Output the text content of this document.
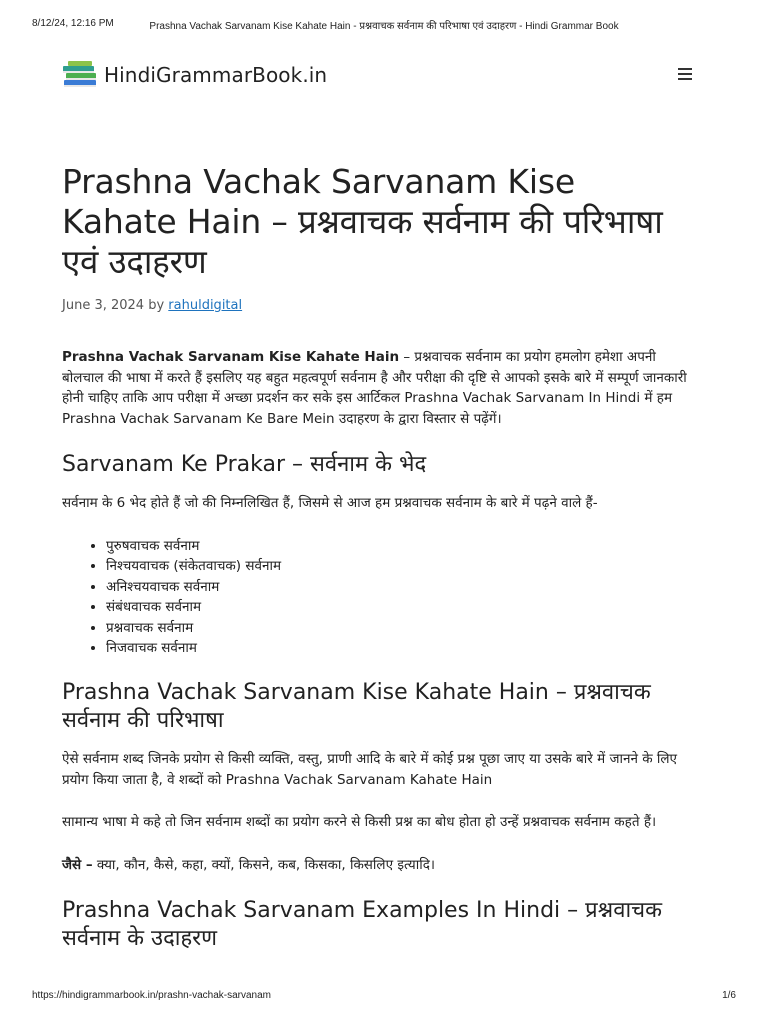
8/12/24, 12:16 PM	Prashna Vachak Sarvanam Kise Kahate Hain - प्रश्नवाचक सर्वनाम की परिभाषा एवं उदाहरण - Hindi Grammar Book
HindiGrammarBook.in
Prashna Vachak Sarvanam Kise Kahate Hain – प्रश्नवाचक सर्वनाम की परिभाषा एवं उदाहरण
June 3, 2024 by rahuldigital

Prashna Vachak Sarvanam Kise Kahate Hain – प्रश्नवाचक सर्वनाम का प्रयोग हमलोग हमेशा अपनी बोलचाल की भाषा में करते हैं इसलिए यह बहुत महत्वपूर्ण सर्वनाम है और परीक्षा की दृष्टि से आपको इसके बारे में सम्पूर्ण जानकारी होनी चाहिए ताकि आप परीक्षा में अच्छा प्रदर्शन कर सके इस आर्टिकल Prashna Vachak Sarvanam In Hindi में हम Prashna Vachak Sarvanam Ke Bare Mein उदाहरण के द्वारा विस्तार से पढ़ेंगें।

Sarvanam Ke Prakar – सर्वनाम के भेद

सर्वनाम के 6 भेद होते हैं जो की निम्नलिखित हैं, जिसमे से आज हम प्रश्नवाचक सर्वनाम के बारे में पढ़ने वाले हैं-

• पुरुषवाचक सर्वनाम
• निश्चयवाचक (संकेतवाचक) सर्वनाम
• अनिश्चयवाचक सर्वनाम
• संबंधवाचक सर्वनाम
• प्रश्नवाचक सर्वनाम
• निजवाचक सर्वनाम
Prashna Vachak Sarvanam Kise Kahate Hain – प्रश्नवाचक सर्वनाम की परिभाषा

ऐसे सर्वनाम शब्द जिनके प्रयोग से किसी व्यक्ति, वस्तु, प्राणी आदि के बारे में कोई प्रश्न पूछा जाए या उसके बारे में जानने के लिए प्रयोग किया जाता है, वे शब्दों को Prashna Vachak Sarvanam Kahate Hain

सामान्य भाषा मे कहे तो जिन सर्वनाम शब्दों का प्रयोग करने से किसी प्रश्न का बोध होता हो उन्हें प्रश्नवाचक सर्वनाम कहते हैं।

जैसे – क्या, कौन, कैसे, कहा, क्यों, किसने, कब, किसका, किसलिए इत्यादि।

Prashna Vachak Sarvanam Examples In Hindi – प्रश्नवाचक सर्वनाम के उदाहरण
https://hindigrammarbook.in/prashn-vachak-sarvanam	1/6
